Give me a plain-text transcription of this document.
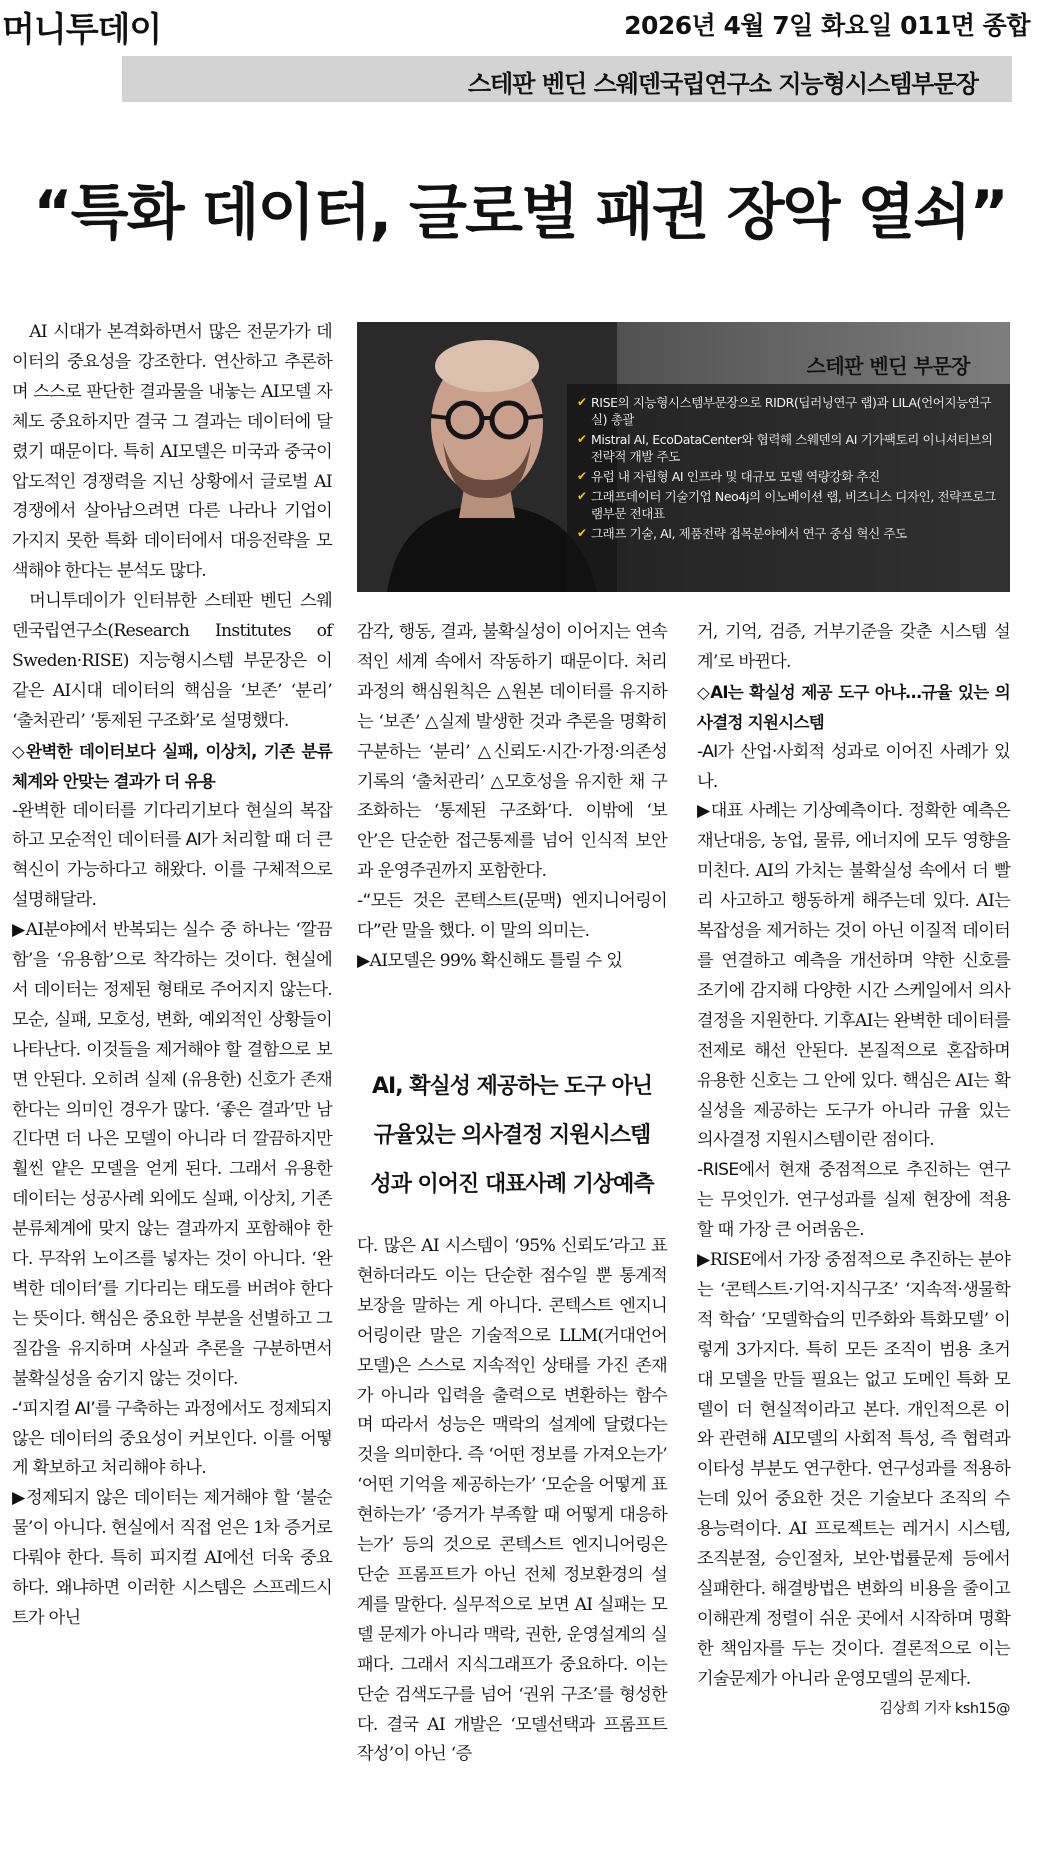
머니투데이	2026년 4월 7일 화요일 011면 종합
스테판 벤딘 스웨덴국립연구소 지능형시스템부문장
“특화 데이터, 글로벌 패권 장악 열쇠”
스테판 벤딘 부문장
✔ RISE의 지능형시스템부문장으로 RIDR(딥러닝연구 랩)과 LILA(언어지능연구실) 총괄
✔ Mistral AI, EcoDataCenter와 협력해 스웨덴의 AI 기가팩토리 이니셔티브의 전략적 개발 주도
✔ 유럽 내 자립형 AI 인프라 및 대규모 모델 역량강화 추진
✔ 그래프데이터 기술기업 Neo4j의 이노베이션 랩, 비즈니스 디자인, 전략프로그램부문 전대표
✔ 그래프 기술, AI, 제품전략 접목분야에서 연구 중심 혁신 주도

AI 시대가 본격화하면서 많은 전문가가 데이터의 중요성을 강조한다. 연산하고 추론하며 스스로 판단한 결과물을 내놓는 AI모델 자체도 중요하지만 결국 그 결과는 데이터에 달렸기 때문이다. 특히 AI모델은 미국과 중국이 압도적인 경쟁력을 지닌 상황에서 글로벌 AI 경쟁에서 살아남으려면 다른 나라나 기업이 가지지 못한 특화 데이터에서 대응전략을 모색해야 한다는 분석도 많다.

머니투데이가 인터뷰한 스테판 벤딘 스웨덴국립연구소(Research Institutes of Sweden·RISE) 지능형시스템 부문장은 이같은 AI시대 데이터의 핵심을 ‘보존’ ‘분리’ ‘출처관리’ ‘통제된 구조화’로 설명했다.

◇완벽한 데이터보다 실패, 이상치, 기존 분류체계와 안맞는 결과가 더 유용

-완벽한 데이터를 기다리기보다 현실의 복잡하고 모순적인 데이터를 AI가 처리할 때 더 큰 혁신이 가능하다고 해왔다. 이를 구체적으로 설명해달라.

▶AI분야에서 반복되는 실수 중 하나는 ‘깔끔함’을 ‘유용함’으로 착각하는 것이다. 현실에서 데이터는 정제된 형태로 주어지지 않는다. 모순, 실패, 모호성, 변화, 예외적인 상황들이 나타난다. 이것들을 제거해야 할 결함으로 보면 안된다. 오히려 실제 (유용한) 신호가 존재한다는 의미인 경우가 많다. ‘좋은 결과’만 남긴다면 더 나은 모델이 아니라 더 깔끔하지만 훨씬 얕은 모델을 얻게 된다. 그래서 유용한 데이터는 성공사례 외에도 실패, 이상치, 기존 분류체계에 맞지 않는 결과까지 포함해야 한다. 무작위 노이즈를 넣자는 것이 아니다. ‘완벽한 데이터’를 기다리는 태도를 버려야 한다는 뜻이다. 핵심은 중요한 부분을 선별하고 그 질감을 유지하며 사실과 추론을 구분하면서 불확실성을 숨기지 않는 것이다.

-‘피지컬 AI’를 구축하는 과정에서도 정제되지 않은 데이터의 중요성이 커보인다. 이를 어떻게 확보하고 처리해야 하나.

▶정제되지 않은 데이터는 제거해야 할 ‘불순물’이 아니다. 현실에서 직접 얻은 1차 증거로 다뤄야 한다. 특히 피지컬 AI에선 더욱 중요하다. 왜냐하면 이러한 시스템은 스프레드시트가 아닌

감각, 행동, 결과, 불확실성이 이어지는 연속적인 세계 속에서 작동하기 때문이다. 처리과정의 핵심원칙은 △원본 데이터를 유지하는 ‘보존’ △실제 발생한 것과 추론을 명확히 구분하는 ‘분리’ △신뢰도·시간·가정·의존성 기록의 ‘출처관리’ △모호성을 유지한 채 구조화하는 ‘통제된 구조화’다. 이밖에 ‘보안’은 단순한 접근통제를 넘어 인식적 보안과 운영주권까지 포함한다.

-“모든 것은 콘텍스트(문맥) 엔지니어링이다”란 말을 했다. 이 말의 의미는.

▶AI모델은 99% 확신해도 틀릴 수 있

AI, 확실성 제공하는 도구 아닌

규율있는 의사결정 지원시스템

성과 이어진 대표사례 기상예측

다. 많은 AI 시스템이 ‘95% 신뢰도’라고 표현하더라도 이는 단순한 점수일 뿐 통계적 보장을 말하는 게 아니다. 콘텍스트 엔지니어링이란 말은 기술적으로 LLM(거대언어모델)은 스스로 지속적인 상태를 가진 존재가 아니라 입력을 출력으로 변환하는 함수며 따라서 성능은 맥락의 설계에 달렸다는 것을 의미한다. 즉 ‘어떤 정보를 가져오는가’ ‘어떤 기억을 제공하는가’ ‘모순을 어떻게 표현하는가’ ‘증거가 부족할 때 어떻게 대응하는가’ 등의 것으로 콘텍스트 엔지니어링은 단순 프롬프트가 아닌 전체 정보환경의 설계를 말한다. 실무적으로 보면 AI 실패는 모델 문제가 아니라 맥락, 권한, 운영설계의 실패다. 그래서 지식그래프가 중요하다. 이는 단순 검색도구를 넘어 ‘권위 구조’를 형성한다. 결국 AI 개발은 ‘모델선택과 프롬프트 작성’이 아닌 ‘증

거, 기억, 검증, 거부기준을 갖춘 시스템 설계’로 바뀐다.

◇AI는 확실성 제공 도구 아냐…규율 있는 의사결정 지원시스템

-AI가 산업·사회적 성과로 이어진 사례가 있나.

▶대표 사례는 기상예측이다. 정확한 예측은 재난대응, 농업, 물류, 에너지에 모두 영향을 미친다. AI의 가치는 불확실성 속에서 더 빨리 사고하고 행동하게 해주는데 있다. AI는 복잡성을 제거하는 것이 아닌 이질적 데이터를 연결하고 예측을 개선하며 약한 신호를 조기에 감지해 다양한 시간 스케일에서 의사결정을 지원한다. 기후AI는 완벽한 데이터를 전제로 해선 안된다. 본질적으로 혼잡하며 유용한 신호는 그 안에 있다. 핵심은 AI는 확실성을 제공하는 도구가 아니라 규율 있는 의사결정 지원시스템이란 점이다.

-RISE에서 현재 중점적으로 추진하는 연구는 무엇인가. 연구성과를 실제 현장에 적용할 때 가장 큰 어려움은.

▶RISE에서 가장 중점적으로 추진하는 분야는 ‘콘텍스트·기억·지식구조’ ‘지속적·생물학적 학습’ ‘모델학습의 민주화와 특화모델’ 이렇게 3가지다. 특히 모든 조직이 범용 초거대 모델을 만들 필요는 없고 도메인 특화 모델이 더 현실적이라고 본다. 개인적으론 이와 관련해 AI모델의 사회적 특성, 즉 협력과 이타성 부분도 연구한다. 연구성과를 적용하는데 있어 중요한 것은 기술보다 조직의 수용능력이다. AI 프로젝트는 레거시 시스템, 조직분절, 승인절차, 보안·법률문제 등에서 실패한다. 해결방법은 변화의 비용을 줄이고 이해관계 정렬이 쉬운 곳에서 시작하며 명확한 책임자를 두는 것이다. 결론적으로 이는 기술문제가 아니라 운영모델의 문제다.
김상희 기자 ksh15@
